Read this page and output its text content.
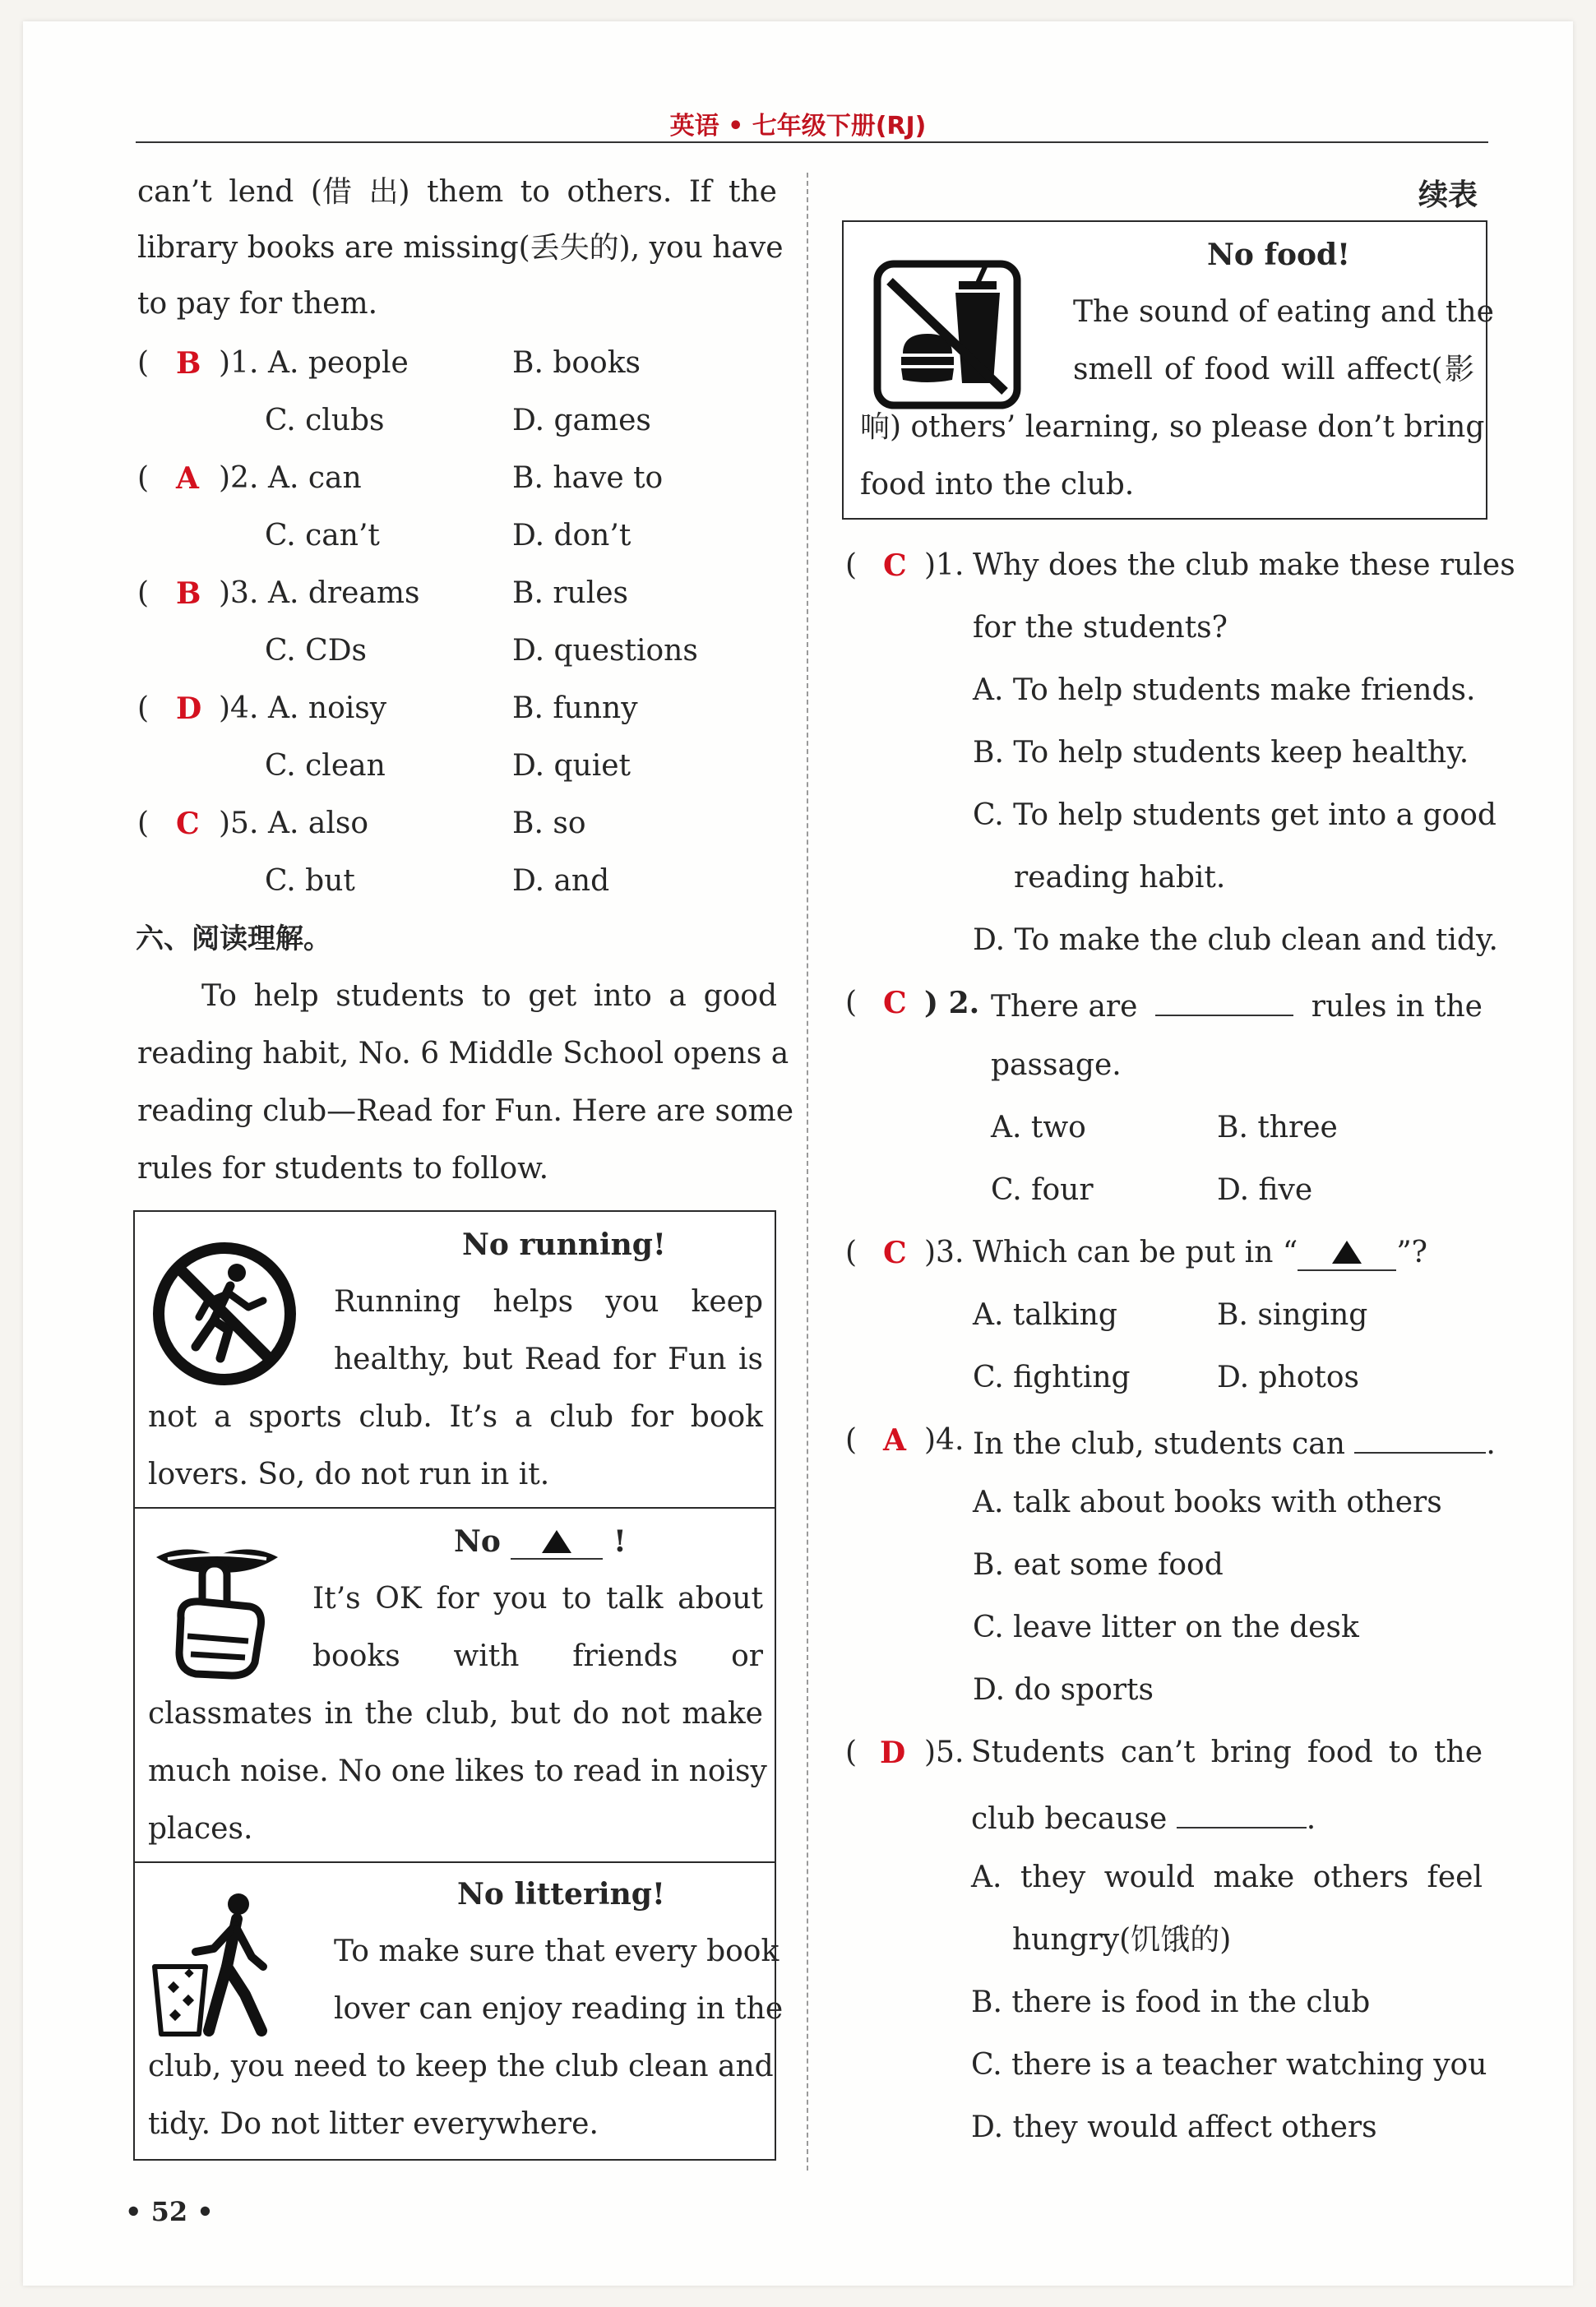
英语 • 七年级下册(RJ)
can’t lend (借 出) them to others. If the
library books are missing(丢失的), you have
to pay for them.
( B )1. A. people	B. books
C. clubs	D. games
( A )2. A. can	B. have to
C. can’t	D. don’t
( B )3. A. dreams	B. rules
C. CDs	D. questions
( D )4. A. noisy	B. funny
C. clean	D. quiet
( C )5. A. also	B. so
C. but	D. and
六、阅读理解。
To help students to get into a good
reading habit, No. 6 Middle School opens a
reading club—Read for Fun. Here are some
rules for students to follow.
No running!
Running helps you keep
healthy, but Read for Fun is
not a sports club. It’s a club for book
lovers. So, do not run in it.
No	!
It’s OK for you to talk about
books with friends or
classmates in the club, but do not make
much noise. No one likes to read in noisy
places.
No littering!
To make sure that every book
lover can enjoy reading in the
club, you need to keep the club clean and
tidy. Do not litter everywhere.
续表
No food!
The sound of eating and the
smell of food will affect(影
响) others’ learning, so please don’t bring
food into the club.
( C )1. Why does the club make these rules
for the students?
A. To help students make friends.
B. To help students keep healthy.
C. To help students get into a good
reading habit.
D. To make the club clean and tidy.
( C ) 2. There are	rules in the
passage.
A. two	B. three
C. four	D. five
( C )3. Which can be put in “	”?
A. talking	B. singing
C. fighting	D. photos
( A )4. In the club, students can	.
A. talk about books with others
B. eat some food
C. leave litter on the desk
D. do sports
( D )5. Students can’t bring food to the
club because	.
A. they would make others feel
hungry(饥饿的)
B. there is food in the club
C. there is a teacher watching you
D. they would affect others
• 52 •
